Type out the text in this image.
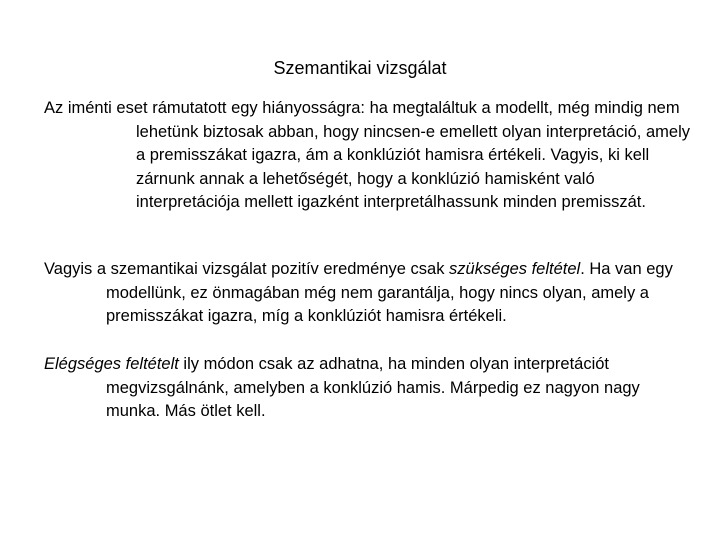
Szemantikai vizsgálat

Az iménti eset rámutatott egy hiányosságra: ha megtaláltuk a modellt, még mindig nem lehetünk biztosak abban, hogy nincsen-e emellett olyan interpretáció, amely a premisszákat igazra, ám a konklúziót hamisra értékeli. Vagyis, ki kell zárnunk annak a lehetőségét, hogy a konklúzió hamisként való interpretációja mellett igazként interpretálhassunk minden premisszát.

Vagyis a szemantikai vizsgálat pozitív eredménye csak szükséges feltétel. Ha van egy modellünk, ez önmagában még nem garantálja, hogy nincs olyan, amely a premisszákat igazra, míg a konklúziót hamisra értékeli.

Elégséges feltételt ily módon csak az adhatna, ha minden olyan interpretációt megvizsgálnánk, amelyben a konklúzió hamis. Márpedig ez nagyon nagy munka. Más ötlet kell.
